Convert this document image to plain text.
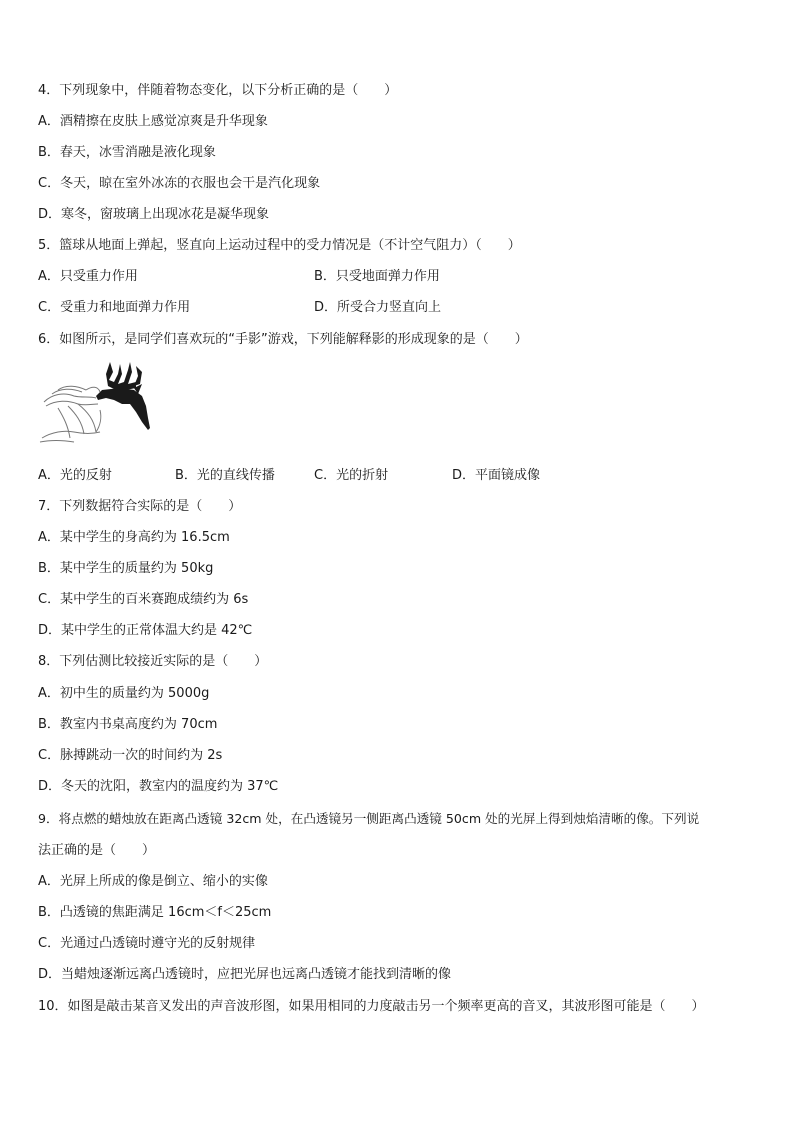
4．下列现象中，伴随着物态变化，以下分析正确的是（　　）
A．酒精擦在皮肤上感觉凉爽是升华现象
B．春天，冰雪消融是液化现象
C．冬天，晾在室外冰冻的衣服也会干是汽化现象
D．寒冬，窗玻璃上出现冰花是凝华现象
5．篮球从地面上弹起，竖直向上运动过程中的受力情况是（不计空气阻力）（　　）
A．只受重力作用	B．只受地面弹力作用
C．受重力和地面弹力作用	D．所受合力竖直向上
6．如图所示，是同学们喜欢玩的“手影”游戏，下列能解释影的形成现象的是（　　）
A．光的反射	B．光的直线传播	C．光的折射	D．平面镜成像
7．下列数据符合实际的是（　　）
A．某中学生的身高约为 16.5cm
B．某中学生的质量约为 50kg
C．某中学生的百米赛跑成绩约为 6s
D．某中学生的正常体温大约是 42℃
8．下列估测比较接近实际的是（　　）
A．初中生的质量约为 5000g
B．教室内书桌高度约为 70cm
C．脉搏跳动一次的时间约为 2s
D．冬天的沈阳，教室内的温度约为 37℃
9．将点燃的蜡烛放在距离凸透镜 32cm 处，在凸透镜另一侧距离凸透镜 50cm 处的光屏上得到烛焰清晰的像。下列说
法正确的是（　　）
A．光屏上所成的像是倒立、缩小的实像
B．凸透镜的焦距满足 16cm＜f＜25cm
C．光通过凸透镜时遵守光的反射规律
D．当蜡烛逐渐远离凸透镜时，应把光屏也远离凸透镜才能找到清晰的像
10．如图是敲击某音叉发出的声音波形图，如果用相同的力度敲击另一个频率更高的音叉，其波形图可能是（　　）
